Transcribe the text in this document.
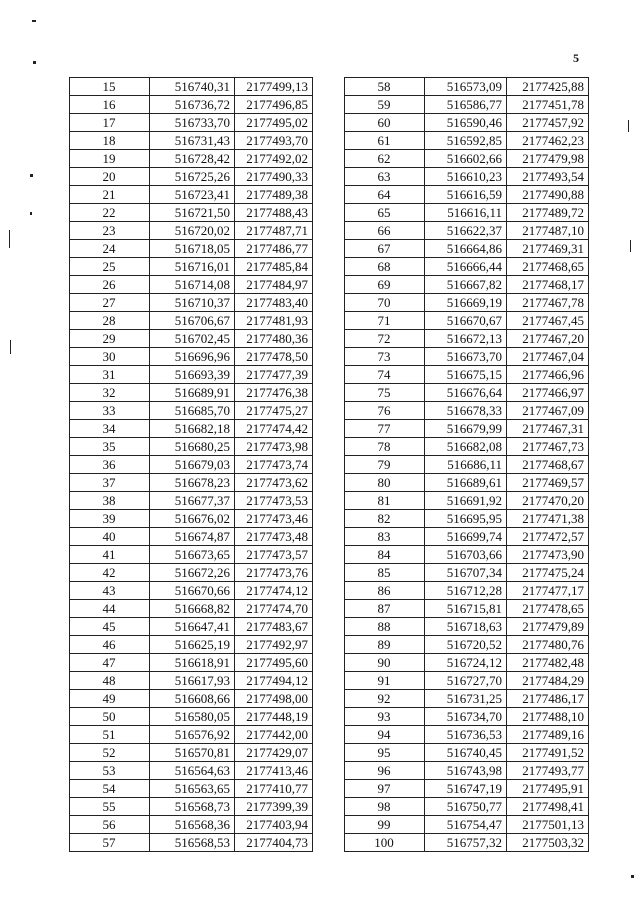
5
15	516740,31	2177499,13
16	516736,72	2177496,85
17	516733,70	2177495,02
18	516731,43	2177493,70
19	516728,42	2177492,02
20	516725,26	2177490,33
21	516723,41	2177489,38
22	516721,50	2177488,43
23	516720,02	2177487,71
24	516718,05	2177486,77
25	516716,01	2177485,84
26	516714,08	2177484,97
27	516710,37	2177483,40
28	516706,67	2177481,93
29	516702,45	2177480,36
30	516696,96	2177478,50
31	516693,39	2177477,39
32	516689,91	2177476,38
33	516685,70	2177475,27
34	516682,18	2177474,42
35	516680,25	2177473,98
36	516679,03	2177473,74
37	516678,23	2177473,62
38	516677,37	2177473,53
39	516676,02	2177473,46
40	516674,87	2177473,48
41	516673,65	2177473,57
42	516672,26	2177473,76
43	516670,66	2177474,12
44	516668,82	2177474,70
45	516647,41	2177483,67
46	516625,19	2177492,97
47	516618,91	2177495,60
48	516617,93	2177494,12
49	516608,66	2177498,00
50	516580,05	2177448,19
51	516576,92	2177442,00
52	516570,81	2177429,07
53	516564,63	2177413,46
54	516563,65	2177410,77
55	516568,73	2177399,39
56	516568,36	2177403,94
57	516568,53	2177404,73
58	516573,09	2177425,88
59	516586,77	2177451,78
60	516590,46	2177457,92
61	516592,85	2177462,23
62	516602,66	2177479,98
63	516610,23	2177493,54
64	516616,59	2177490,88
65	516616,11	2177489,72
66	516622,37	2177487,10
67	516664,86	2177469,31
68	516666,44	2177468,65
69	516667,82	2177468,17
70	516669,19	2177467,78
71	516670,67	2177467,45
72	516672,13	2177467,20
73	516673,70	2177467,04
74	516675,15	2177466,96
75	516676,64	2177466,97
76	516678,33	2177467,09
77	516679,99	2177467,31
78	516682,08	2177467,73
79	516686,11	2177468,67
80	516689,61	2177469,57
81	516691,92	2177470,20
82	516695,95	2177471,38
83	516699,74	2177472,57
84	516703,66	2177473,90
85	516707,34	2177475,24
86	516712,28	2177477,17
87	516715,81	2177478,65
88	516718,63	2177479,89
89	516720,52	2177480,76
90	516724,12	2177482,48
91	516727,70	2177484,29
92	516731,25	2177486,17
93	516734,70	2177488,10
94	516736,53	2177489,16
95	516740,45	2177491,52
96	516743,98	2177493,77
97	516747,19	2177495,91
98	516750,77	2177498,41
99	516754,47	2177501,13
100	516757,32	2177503,32
